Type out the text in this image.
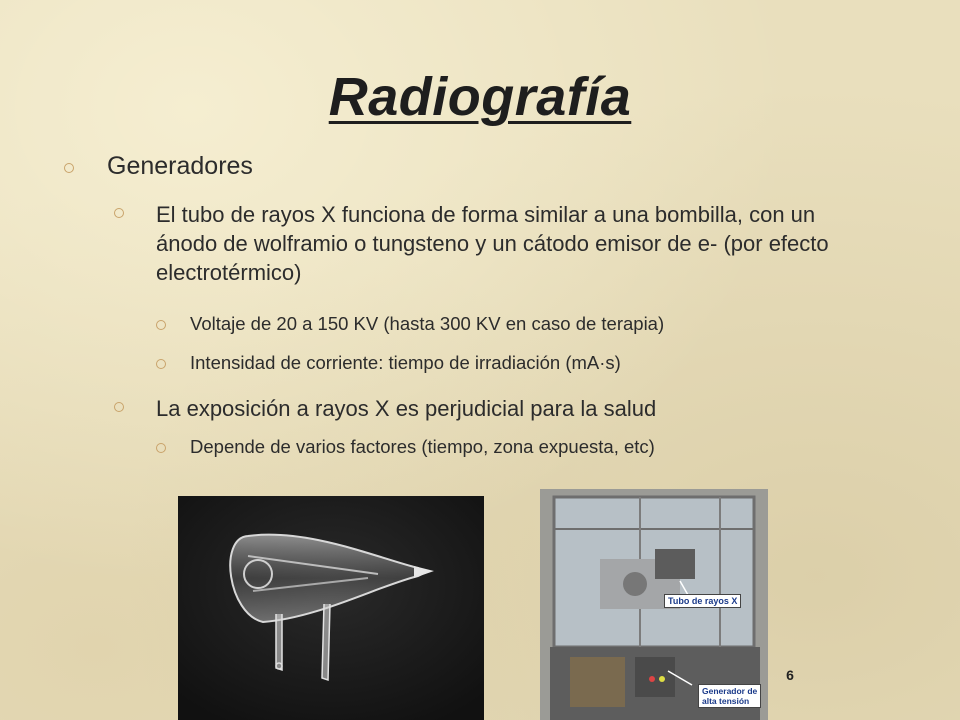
Radiografía
Generadores
El tubo de rayos X funciona de forma similar a una bombilla, con un ánodo de wolframio o tungsteno y un cátodo emisor de e- (por efecto electrotérmico)
Voltaje de 20 a 150 KV (hasta 300 KV en caso de terapia)
Intensidad de corriente: tiempo de irradiación (mA·s)
La exposición a rayos X es perjudicial para la salud
Depende de varios factores (tiempo, zona expuesta, etc)
Tubo de rayos X
Generador de
alta tensión
6
